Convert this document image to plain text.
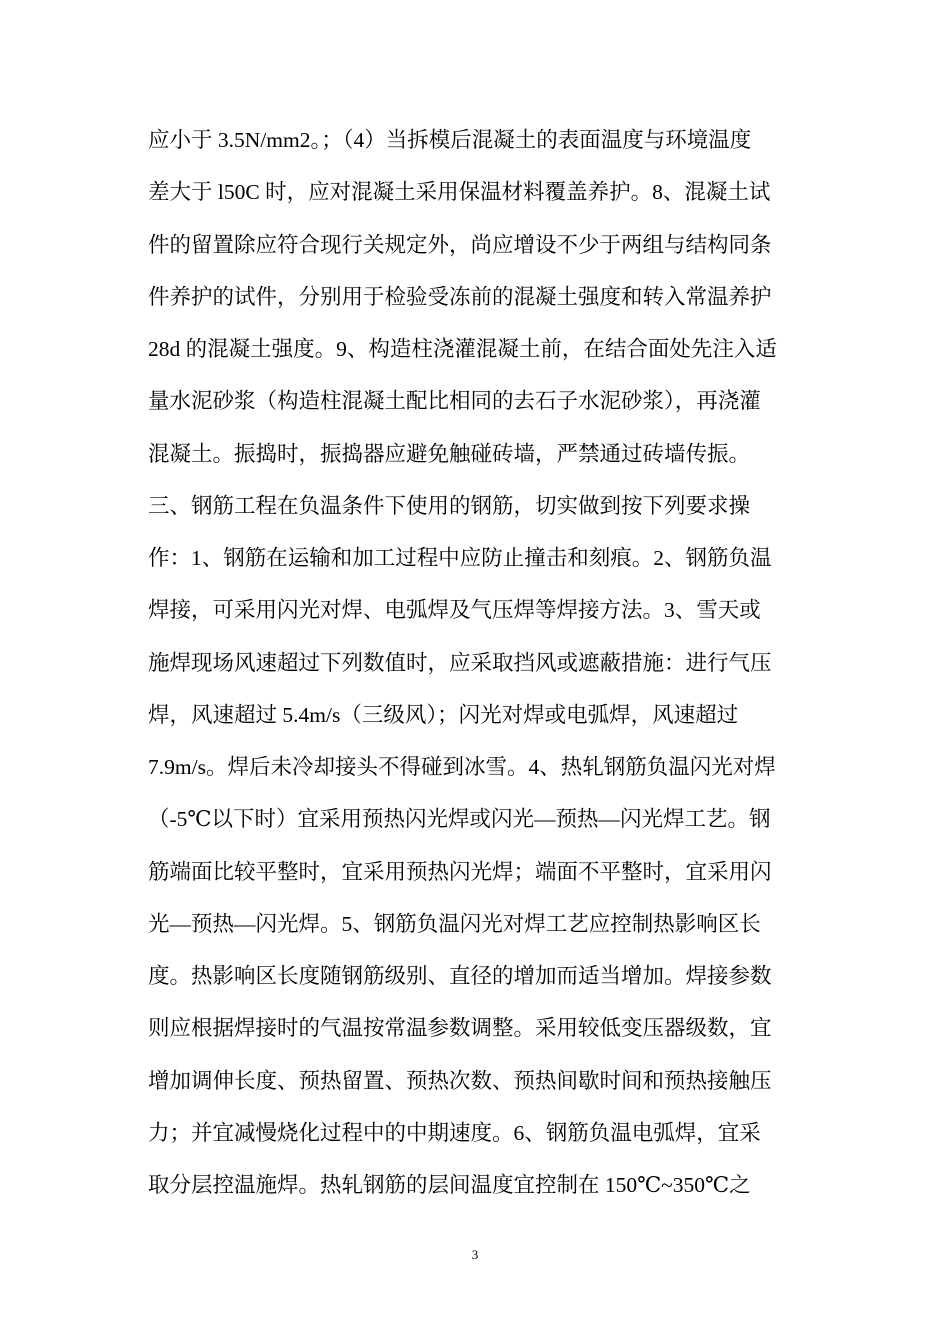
应小于 3.5N/mm2。；（4）当拆模后混凝土的表面温度与环境温度
差大于 l50C 时，应对混凝土采用保温材料覆盖养护。8、混凝土试
件的留置除应符合现行关规定外，尚应增设不少于两组与结构同条
件养护的试件，分别用于检验受冻前的混凝土强度和转入常温养护
28d 的混凝土强度。9、构造柱浇灌混凝土前，在结合面处先注入适
量水泥砂浆（构造柱混凝土配比相同的去石子水泥砂浆），再浇灌
混凝土。振捣时，振捣器应避免触碰砖墙，严禁通过砖墙传振。
三、钢筋工程在负温条件下使用的钢筋，切实做到按下列要求操
作：1、钢筋在运输和加工过程中应防止撞击和刻痕。2、钢筋负温
焊接，可采用闪光对焊、电弧焊及气压焊等焊接方法。3、雪天或
施焊现场风速超过下列数值时，应采取挡风或遮蔽措施：进行气压
焊，风速超过 5.4m/s（三级风）；闪光对焊或电弧焊，风速超过
7.9m/s。焊后未冷却接头不得碰到冰雪。4、热轧钢筋负温闪光对焊
（-5℃以下时）宜采用预热闪光焊或闪光—预热—闪光焊工艺。钢
筋端面比较平整时，宜采用预热闪光焊；端面不平整时，宜采用闪
光—预热—闪光焊。5、钢筋负温闪光对焊工艺应控制热影响区长
度。热影响区长度随钢筋级别、直径的增加而适当增加。焊接参数
则应根据焊接时的气温按常温参数调整。采用较低变压器级数，宜
增加调伸长度、预热留置、预热次数、预热间歇时间和预热接触压
力；并宜减慢烧化过程中的中期速度。6、钢筋负温电弧焊，宜采
取分层控温施焊。热轧钢筋的层间温度宜控制在 150℃~350℃之
3
